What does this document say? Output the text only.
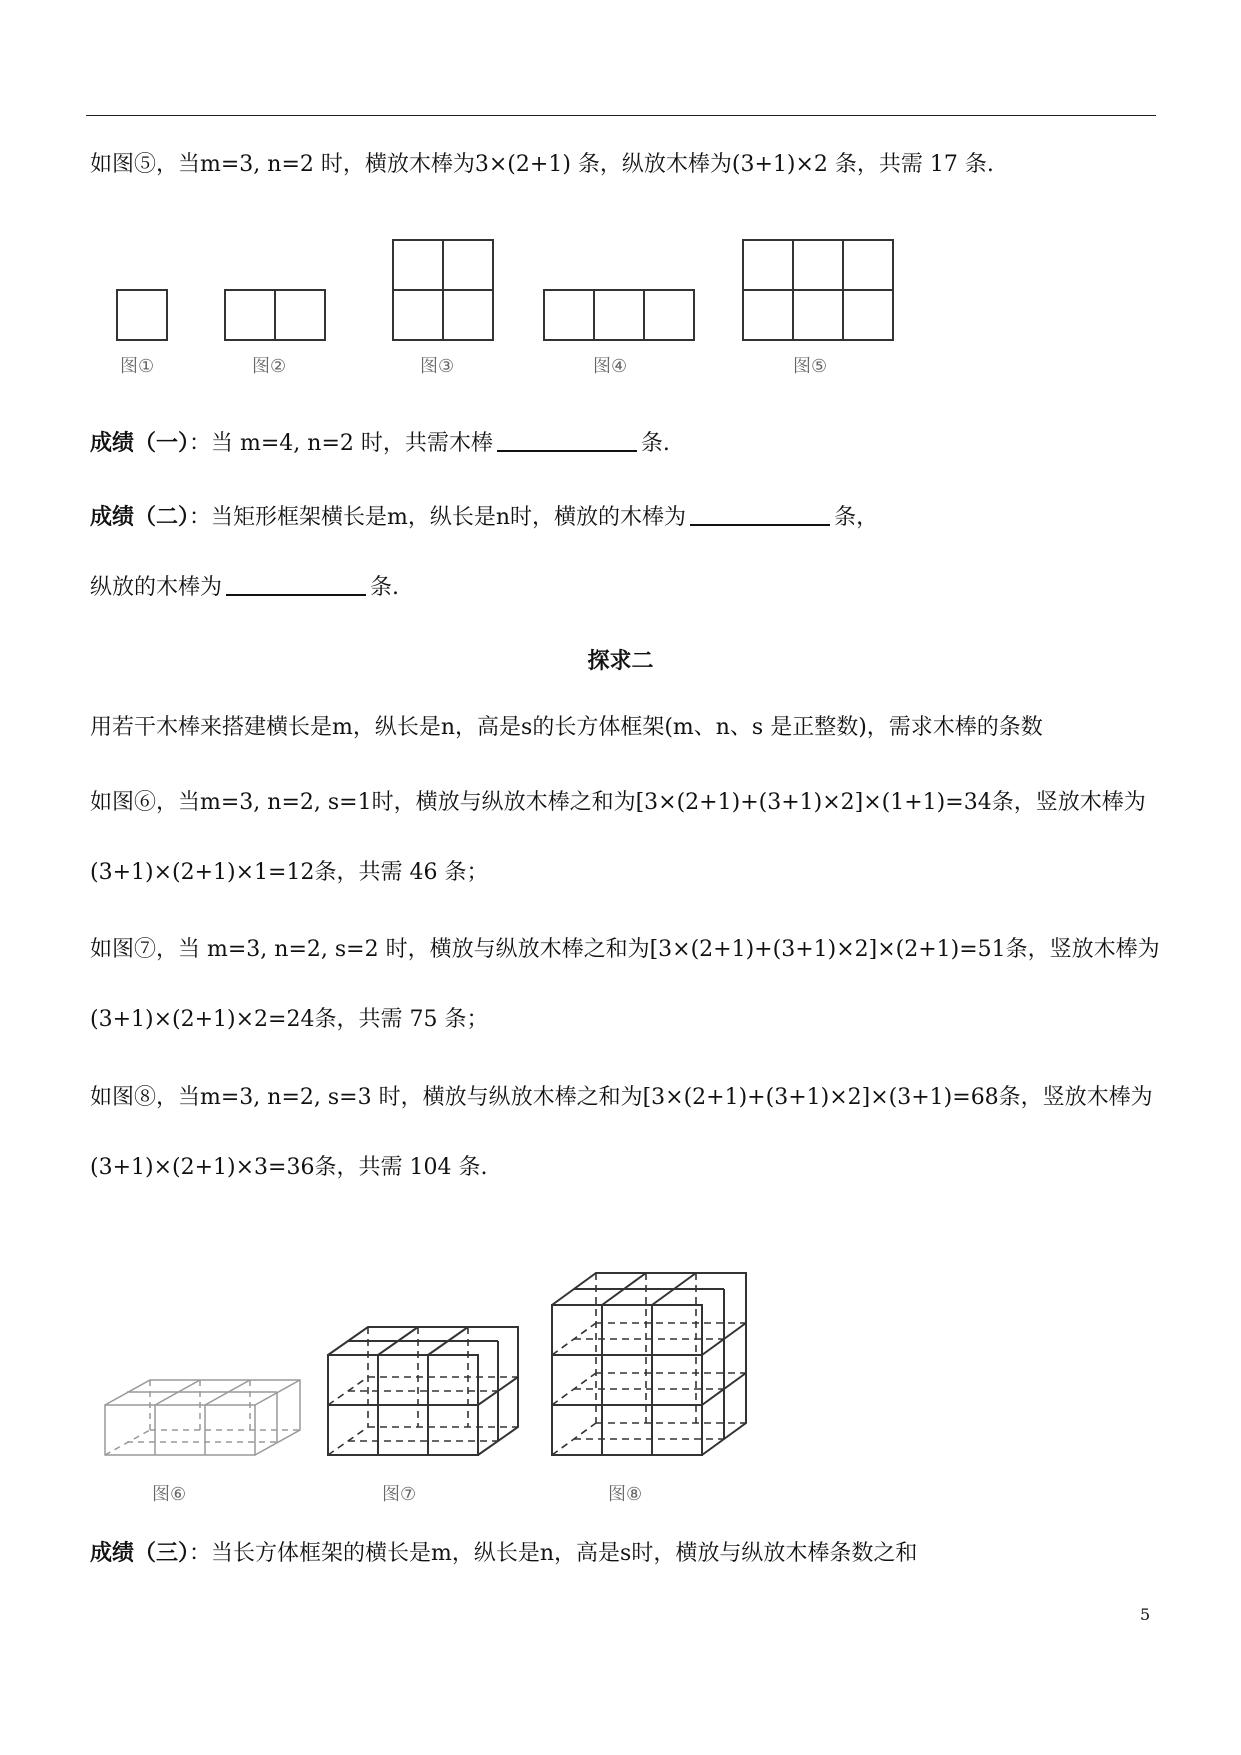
如图⑤，当m=3, n=2 时，横放木棒为3×(2+1) 条，纵放木棒为(3+1)×2 条，共需 17 条.
图①	图②	图③	图④	图⑤
成绩（一）：当 m=4, n=2 时，共需木棒	条.
成绩（二）：当矩形框架横长是m，纵长是n时，横放的木棒为	条，
纵放的木棒为	条.
探求二
用若干木棒来搭建横长是m，纵长是n，高是s的长方体框架(m、n、s 是正整数)，需求木棒的条数
如图⑥，当m=3, n=2, s=1时，横放与纵放木棒之和为[3×(2+1)+(3+1)×2]×(1+1)=34条，竖放木棒为
(3+1)×(2+1)×1=12条，共需 46 条；
如图⑦，当 m=3, n=2, s=2 时，横放与纵放木棒之和为[3×(2+1)+(3+1)×2]×(2+1)=51条，竖放木棒为
(3+1)×(2+1)×2=24条，共需 75 条；
如图⑧，当m=3, n=2, s=3 时，横放与纵放木棒之和为[3×(2+1)+(3+1)×2]×(3+1)=68条，竖放木棒为
(3+1)×(2+1)×3=36条，共需 104 条.
图⑥	图⑦	图⑧
成绩（三）：当长方体框架的横长是m，纵长是n，高是s时，横放与纵放木棒条数之和
5
